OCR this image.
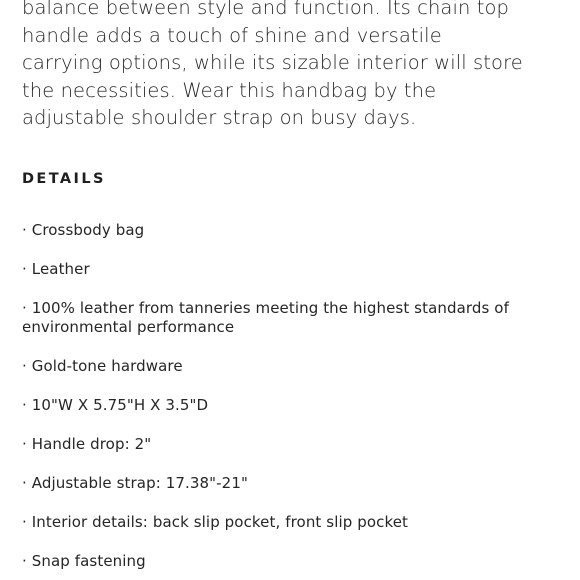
balance between style and function. Its chain top
handle adds a touch of shine and versatile
carrying options, while its sizable interior will store
the necessities. Wear this handbag by the
adjustable shoulder strap on busy days.

DETAILS
· Crossbody bag
· Leather
· 100% leather from tanneries meeting the highest standards of environmental performance
· Gold-tone hardware
· 10"W X 5.75"H X 3.5"D
· Handle drop: 2"
· Adjustable strap: 17.38"-21"
· Interior details: back slip pocket, front slip pocket
· Snap fastening
